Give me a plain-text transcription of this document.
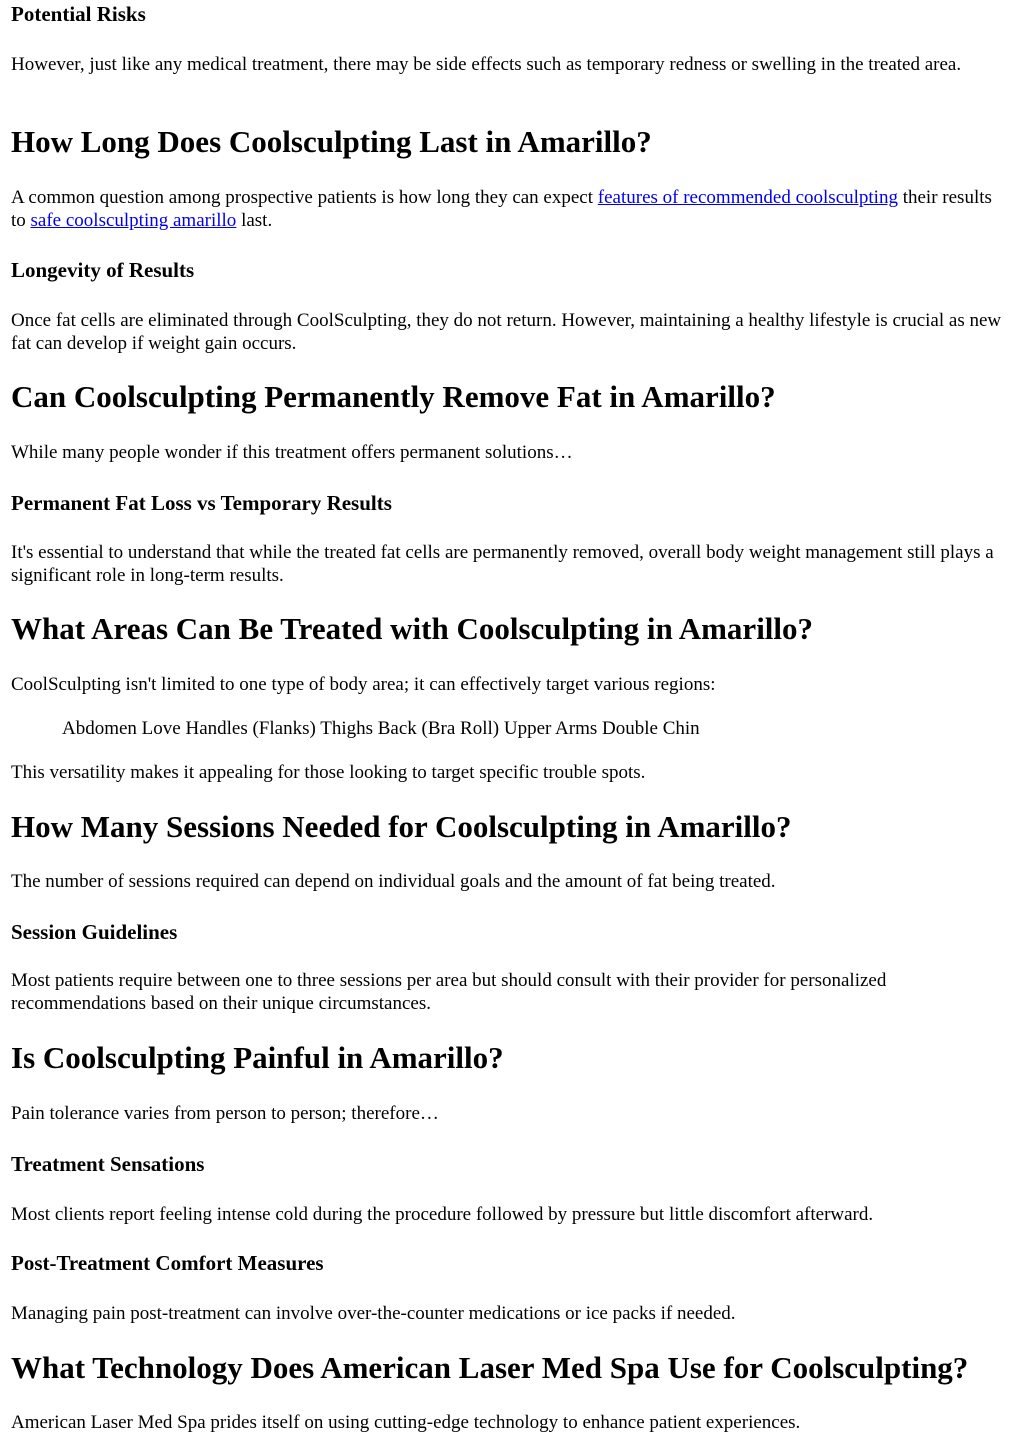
Potential Risks

However, just like any medical treatment, there may be side effects such as temporary redness or swelling in the treated area.

How Long Does Coolsculpting Last in Amarillo?

A common question among prospective patients is how long they can expect features of recommended coolsculpting their results to safe coolsculpting amarillo last.

Longevity of Results

Once fat cells are eliminated through CoolSculpting, they do not return. However, maintaining a healthy lifestyle is crucial as new fat can develop if weight gain occurs.

Can Coolsculpting Permanently Remove Fat in Amarillo?

While many people wonder if this treatment offers permanent solutions…

Permanent Fat Loss vs Temporary Results

It's essential to understand that while the treated fat cells are permanently removed, overall body weight management still plays a significant role in long-term results.

What Areas Can Be Treated with Coolsculpting in Amarillo?

CoolSculpting isn't limited to one type of body area; it can effectively target various regions:

Abdomen Love Handles (Flanks) Thighs Back (Bra Roll) Upper Arms Double Chin

This versatility makes it appealing for those looking to target specific trouble spots.

How Many Sessions Needed for Coolsculpting in Amarillo?

The number of sessions required can depend on individual goals and the amount of fat being treated.

Session Guidelines

Most patients require between one to three sessions per area but should consult with their provider for personalized recommendations based on their unique circumstances.

Is Coolsculpting Painful in Amarillo?

Pain tolerance varies from person to person; therefore…

Treatment Sensations

Most clients report feeling intense cold during the procedure followed by pressure but little discomfort afterward.

Post-Treatment Comfort Measures

Managing pain post-treatment can involve over-the-counter medications or ice packs if needed.

What Technology Does American Laser Med Spa Use for Coolsculpting?

American Laser Med Spa prides itself on using cutting-edge technology to enhance patient experiences.
